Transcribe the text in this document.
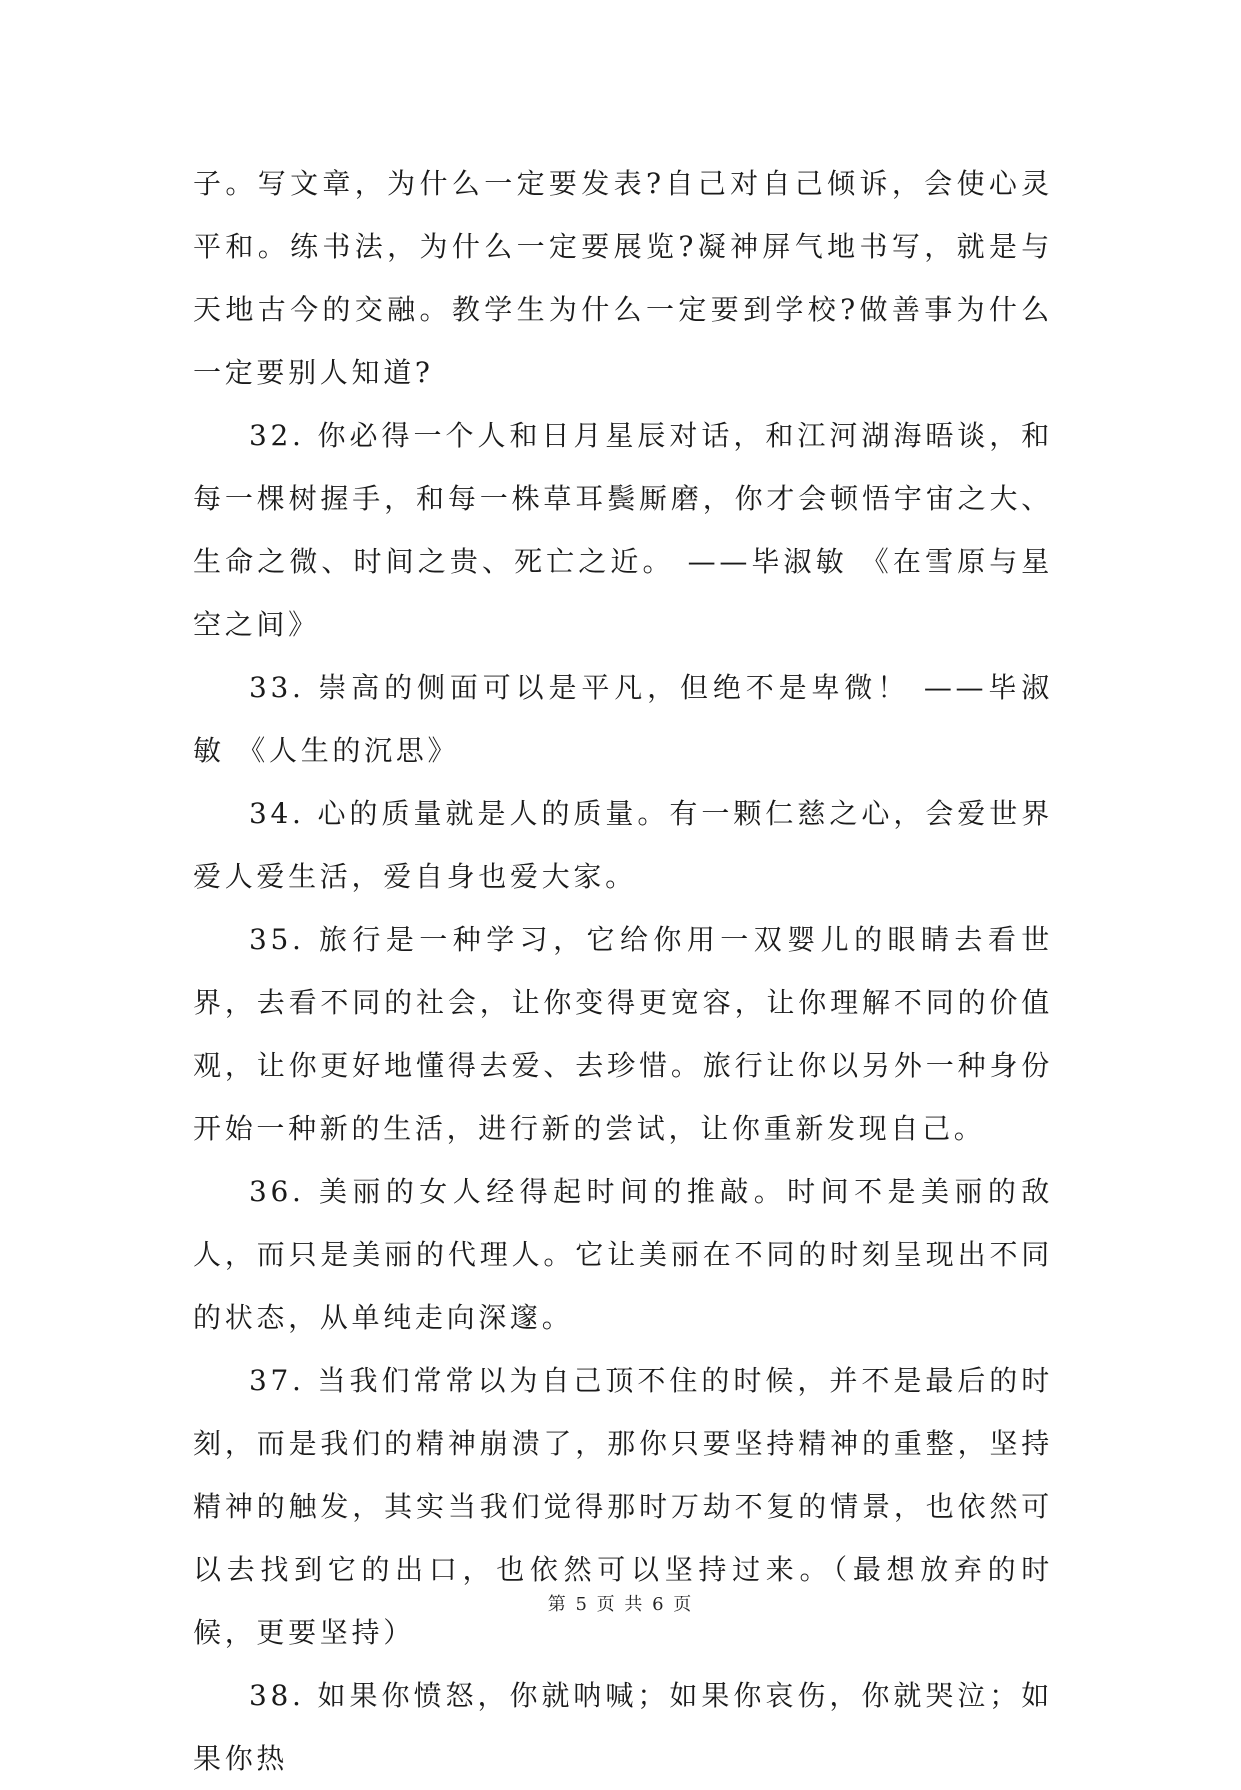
子。写文章，为什么一定要发表?自己对自己倾诉，会使心灵平和。练书法，为什么一定要展览?凝神屏气地书写，就是与天地古今的交融。教学生为什么一定要到学校?做善事为什么一定要别人知道?

32. 你必得一个人和日月星辰对话，和江河湖海晤谈，和每一棵树握手，和每一株草耳鬓厮磨，你才会顿悟宇宙之大、生命之微、时间之贵、死亡之近。 ——毕淑敏 《在雪原与星空之间》

33. 崇高的侧面可以是平凡，但绝不是卑微！ ——毕淑敏 《人生的沉思》

34. 心的质量就是人的质量。有一颗仁慈之心，会爱世界爱人爱生活，爱自身也爱大家。

35. 旅行是一种学习，它给你用一双婴儿的眼睛去看世界，去看不同的社会，让你变得更宽容，让你理解不同的价值观，让你更好地懂得去爱、去珍惜。旅行让你以另外一种身份开始一种新的生活，进行新的尝试，让你重新发现自己。

36. 美丽的女人经得起时间的推敲。时间不是美丽的敌人，而只是美丽的代理人。它让美丽在不同的时刻呈现出不同的状态，从单纯走向深邃。

37. 当我们常常以为自己顶不住的时候，并不是最后的时刻，而是我们的精神崩溃了，那你只要坚持精神的重整，坚持精神的触发，其实当我们觉得那时万劫不复的情景，也依然可以去找到它的出口，也依然可以坚持过来。（最想放弃的时候，更要坚持）

38. 如果你愤怒，你就呐喊；如果你哀伤，你就哭泣；如果你热

第 5 页 共 6 页
